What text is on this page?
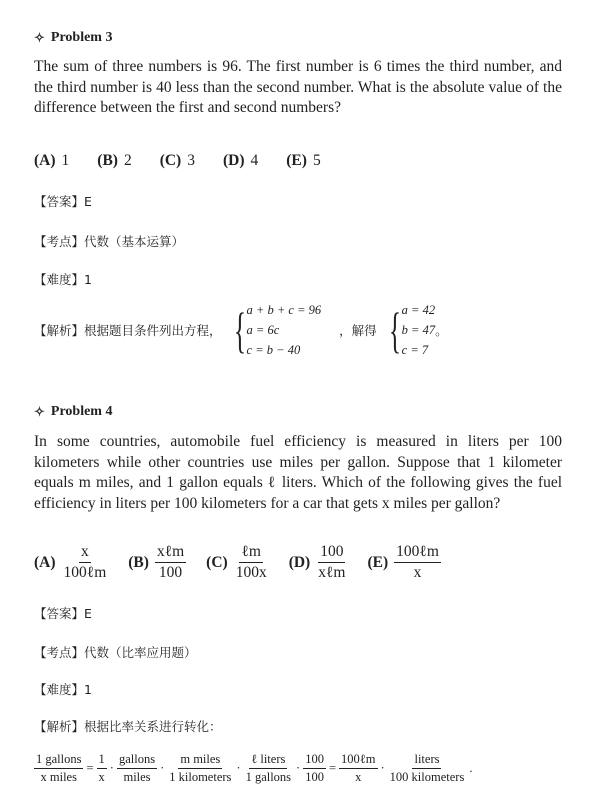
✧ Problem 3
The sum of three numbers is 96. The first number is 6 times the third number, and the third number is 40 less than the second number. What is the absolute value of the difference between the first and second numbers?
(A) 1 (B) 2 (C) 3 (D) 4 (E) 5
【答案】E
【考点】代数（基本运算）
【难度】1
【解析】 根据题目条件列出方程， { a + b + c = 96
a = 6c
c = b − 40
，解得 { a = 42
b = 47
c = 7
。
✧ Problem 4
In some countries, automobile fuel efficiency is measured in liters per 100 kilometers while other countries use miles per gallon. Suppose that 1 kilometer equals m miles, and 1 gallon equals ℓ liters. Which of the following gives the fuel efficiency in liters per 100 kilometers for a car that gets x miles per gallon?
$(A) \frac{x}{\text{100ℓm}} (B) \frac{\text{xℓm}}{100} (C) \frac{\text{ℓm}}{100x} (D) \frac{100}{\text{xℓm}} (E) \frac{\text{100ℓm}}{x}$
【答案】E
【考点】代数（比率应用题）
【难度】1
【解析】根据比率关系进行转化：
$\frac{\text{1 gallons}}{\text{x miles}} = \frac{1}{x} \cdot \frac{\text{gallons}}{\text{miles}} \cdot \frac{\text{m miles}}{\text{1 kilometers}} \cdot \frac{\text{ℓ liters}}{\text{1 gallons}} \cdot \frac{100}{100} = \frac{\text{100ℓm}}{x} \cdot \frac{\text{liters}}{\text{100 kilometers}}$ .
